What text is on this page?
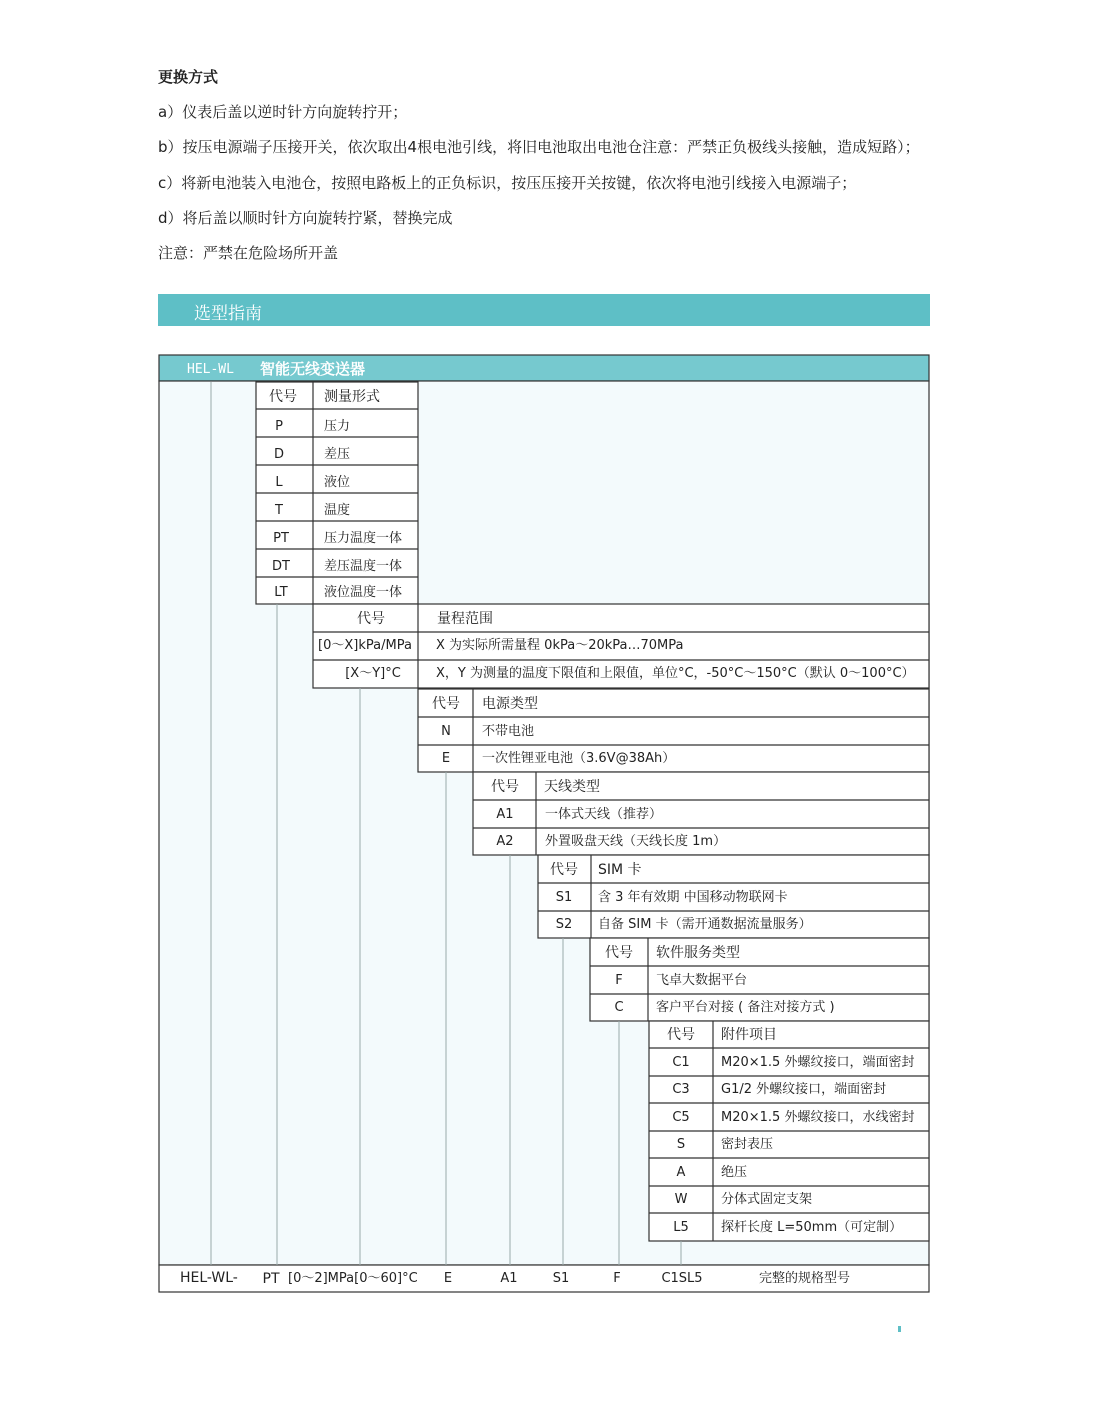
更换方式
a）仪表后盖以逆时针方向旋转拧开；
b）按压电源端子压接开关，依次取出4根电池引线，将旧电池取出电池仓注意：严禁正负极线头接触，造成短路）；
c）将新电池装入电池仓，按照电路板上的正负标识，按压压接开关按键，依次将电池引线接入电源端子；
d）将后盖以顺时针方向旋转拧紧，替换完成
注意：严禁在危险场所开盖
选型指南
HEL-WL 智能无线变送器
代号 测量形式
P	压力
D	差压
L	液位
T	温度
PT	压力温度一体
DT	差压温度一体
LT	液位温度一体
代号	量程范围
[0～X]kPa/MPa X 为实际所需量程 0kPa～20kPa…70MPa
[X～Y]°C	X，Y 为测量的温度下限值和上限值，单位°C，-50°C～150°C（默认 0～100°C）
代号 电源类型
N 不带电池
E 一次性锂亚电池（3.6V@38Ah）
代号 天线类型
A1 一体式天线（推荐）
A2 外置吸盘天线（天线长度 1m）
代号 SIM 卡
S1 含 3 年有效期 中国移动物联网卡
S2 自备 SIM 卡（需开通数据流量服务）
代号 软件服务类型
F	飞卓大数据平台
C 客户平台对接 ( 备注对接方式 )
代号 附件项目
C1 M20×1.5 外螺纹接口，端面密封
C3 G1/2 外螺纹接口，端面密封
C5 M20×1.5 外螺纹接口，水线密封
S	密封表压
A	绝压
W	分体式固定支架
L5 探杆长度 L=50mm（可定制）
HEL-WL- PT [0～2]MPa[0～60]°C E	A1	S1	F	C1SL5	完整的规格型号
